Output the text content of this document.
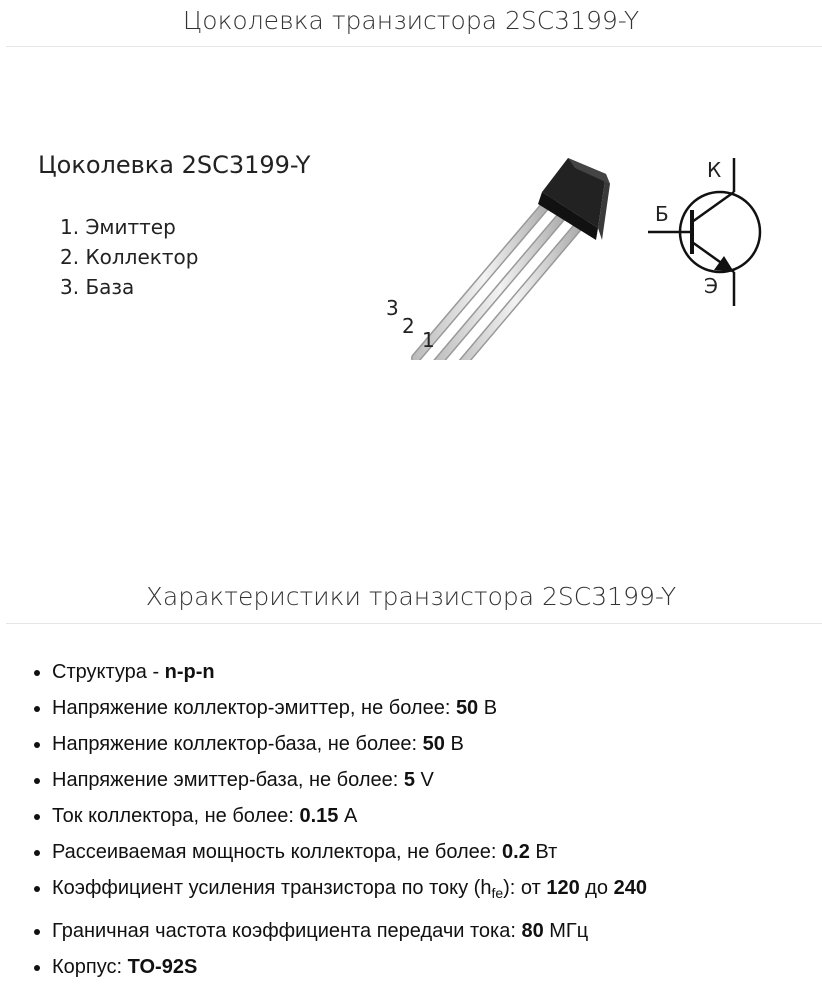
Цоколевка транзистора 2SC3199-Y
Цоколевка 2SC3199-Y
1. Эмиттер
2. Коллектор
3. База
3
2
1
К
Б
Э
Характеристики транзистора 2SC3199-Y
• Структура - n-p-n
• Напряжение коллектор-эмиттер, не более: 50 В
• Напряжение коллектор-база, не более: 50 В
• Напряжение эмиттер-база, не более: 5 V
• Ток коллектора, не более: 0.15 А
• Рассеиваемая мощность коллектора, не более: 0.2 Вт
• Коэффициент усиления транзистора по току $(h_{fe})$: от 120 до 240
• Граничная частота коэффициента передачи тока: 80 МГц
• Корпус: TO-92S
